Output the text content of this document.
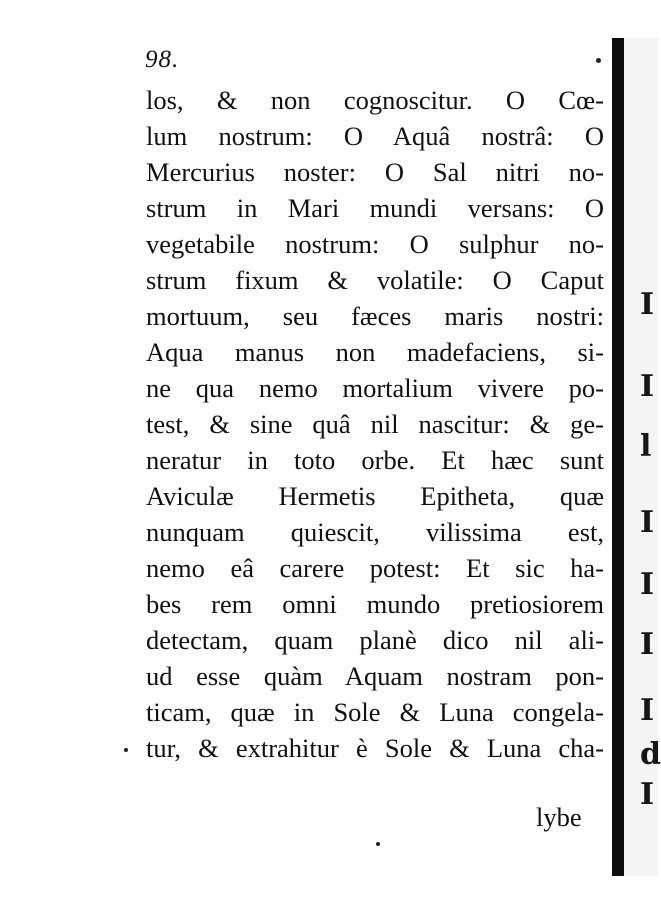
98.
los, & non cognoscitur. O Cœ-
lum nostrum: O Aquâ nostrâ: O
Mercurius noster: O Sal nitri no-
strum in Mari mundi versans: O
vegetabile nostrum: O sulphur no-
strum fixum & volatile: O Caput
mortuum, seu fæces maris nostri:
Aqua manus non madefaciens, si-
ne qua nemo mortalium vivere po-
test, & sine quâ nil nascitur: & ge-
neratur in toto orbe. Et hæc sunt
Aviculæ Hermetis Epitheta, quæ
nunquam quiescit, vilissima est,
nemo eâ carere potest: Et sic ha-
bes rem omni mundo pretiosiorem
detectam, quam planè dico nil ali-
ud esse quàm Aquam nostram pon-
ticam, quæ in Sole & Luna congela-
tur, & extrahitur è Sole & Luna cha-
lybe
I
I
l
I
I
I
I
d
I
